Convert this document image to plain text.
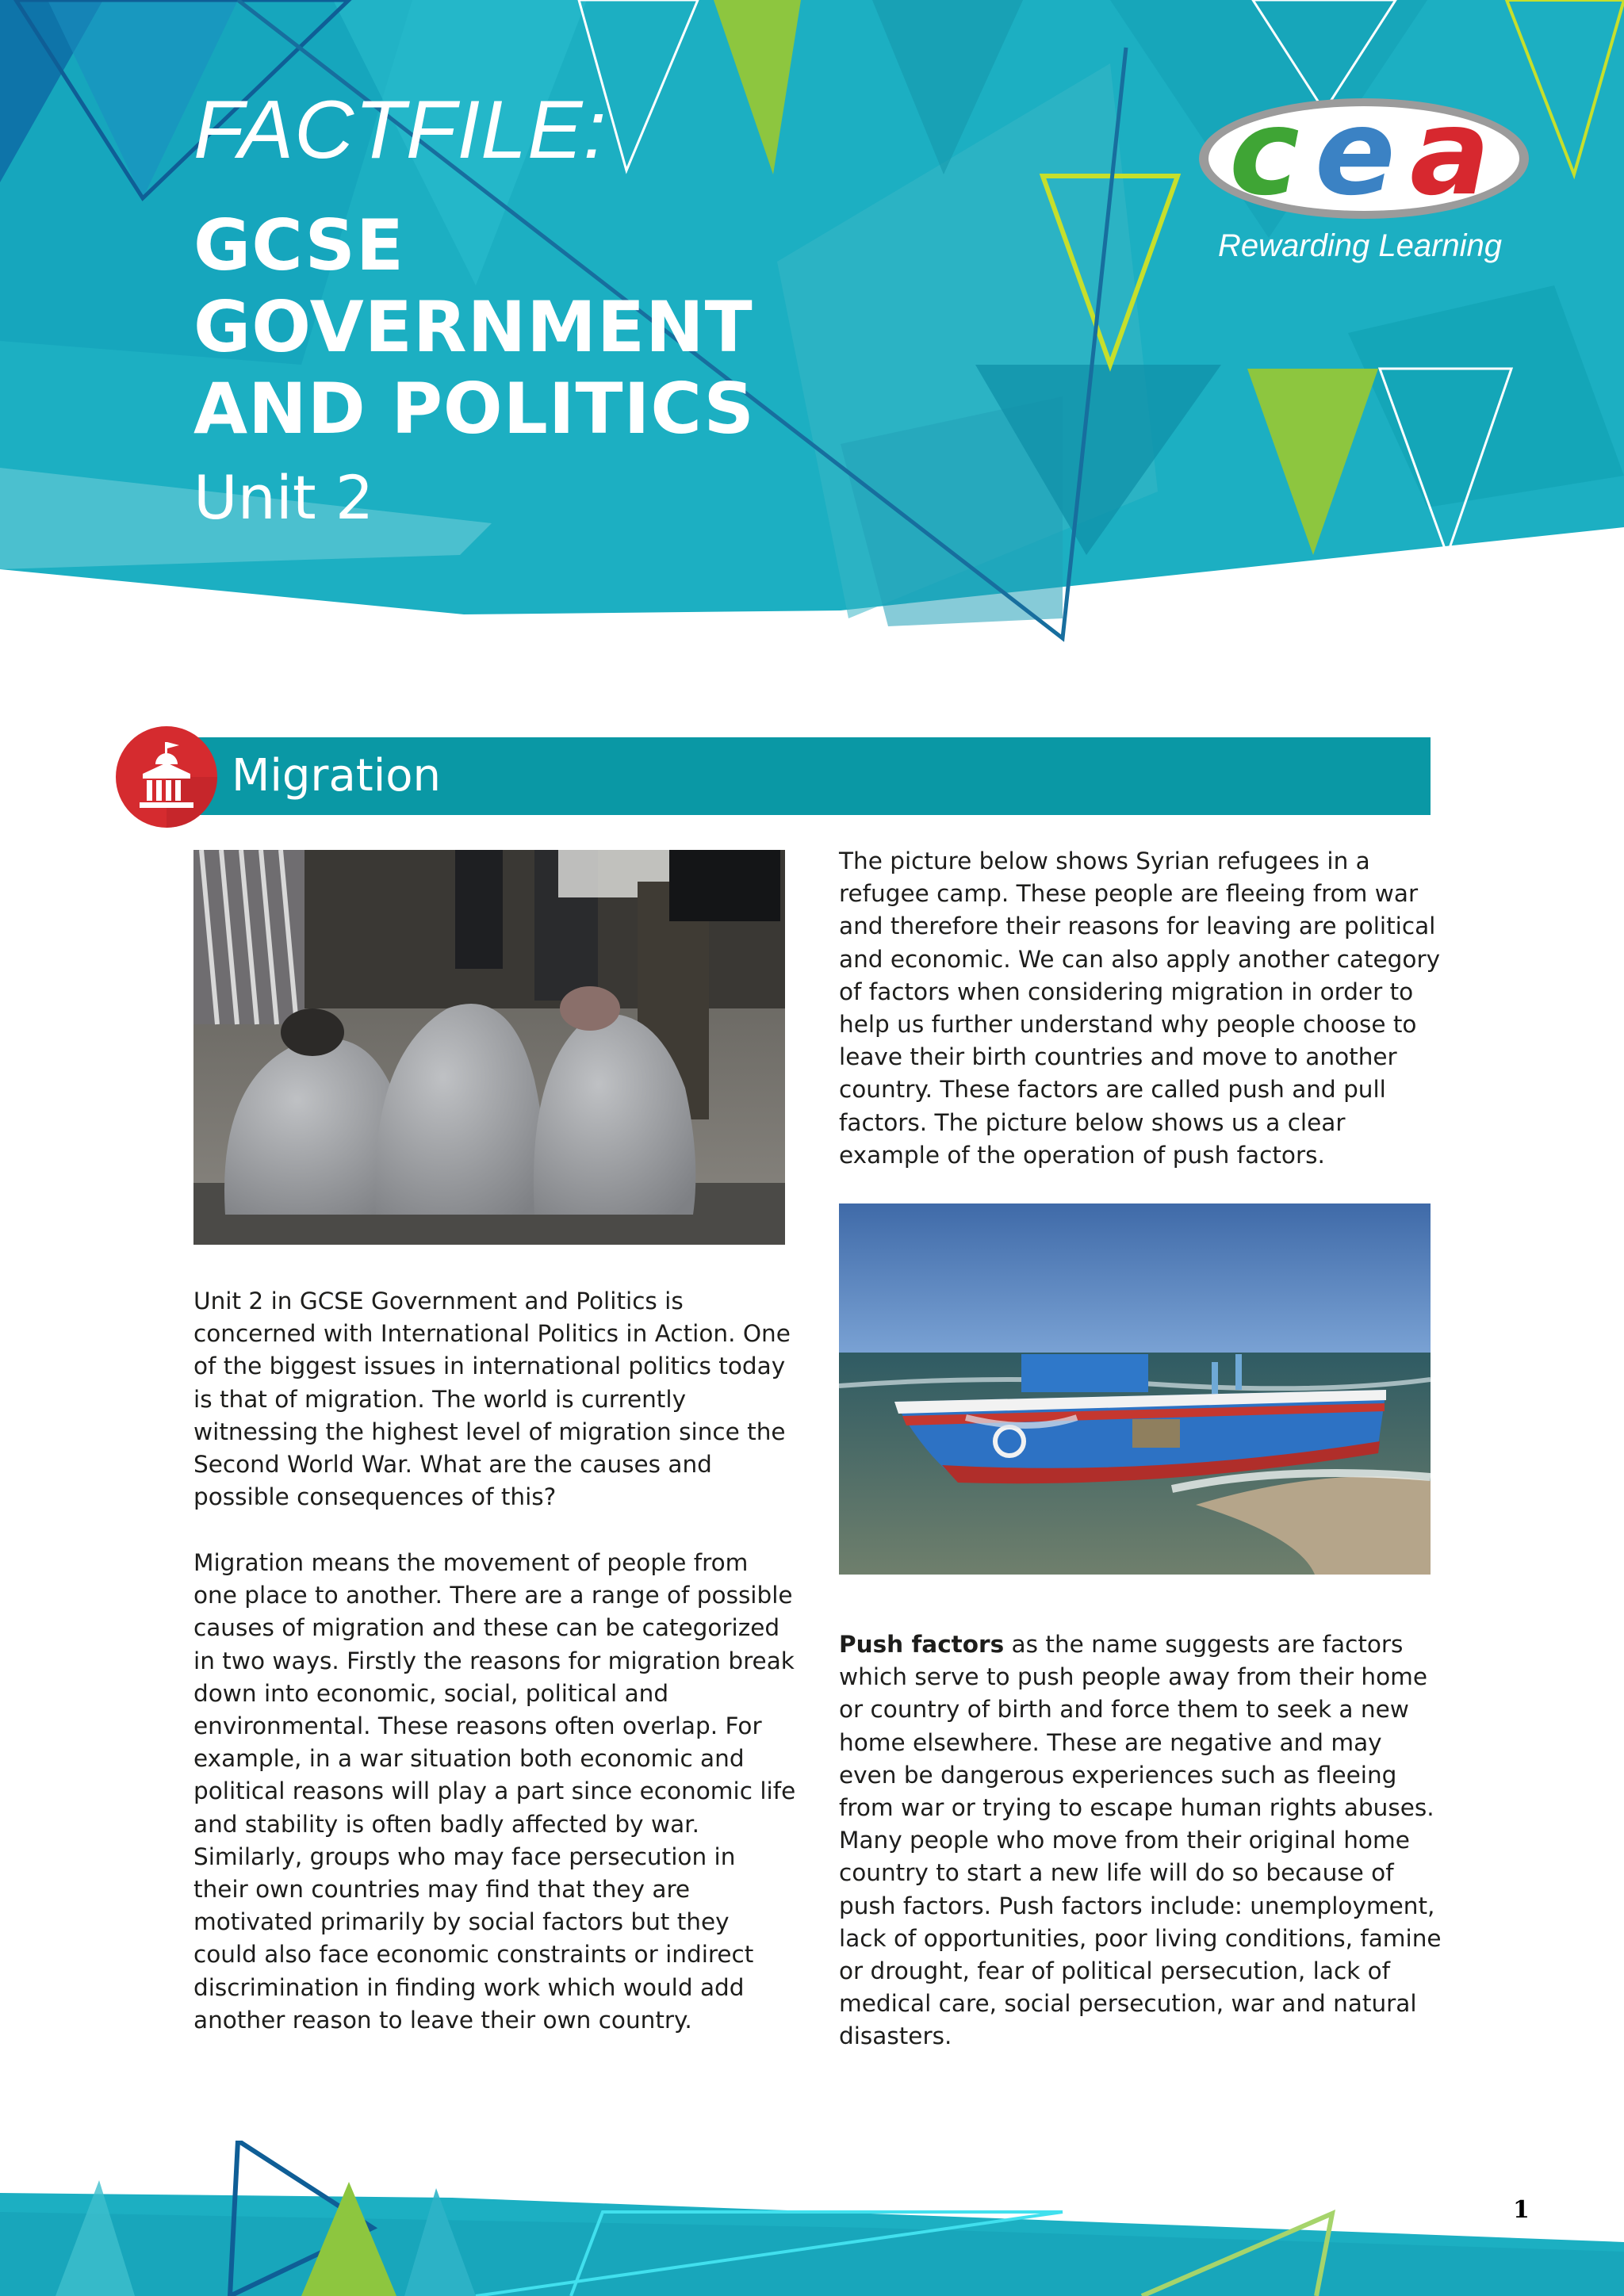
FACTFILE:
GCSE
GOVERNMENT
AND POLITICS
Unit 2
c e a
Rewarding Learning
Migration

The picture below shows Syrian refugees in a refugee camp. These people are fleeing from war and therefore their reasons for leaving are political and economic. We can also apply another category of factors when considering migration in order to help us further understand why people choose to leave their birth countries and move to another country. These factors are called push and pull factors. The picture below shows us a clear example of the operation of push factors.

Unit 2 in GCSE Government and Politics is concerned with International Politics in Action. One of the biggest issues in international politics today is that of migration. The world is currently witnessing the highest level of migration since the Second World War. What are the causes and possible consequences of this?

Migration means the movement of people from one place to another. There are a range of possible causes of migration and these can be categorized in two ways. Firstly the reasons for migration break down into economic, social, political and environmental. These reasons often overlap. For example, in a war situation both economic and political reasons will play a part since economic life and stability is often badly affected by war. Similarly, groups who may face persecution in their own countries may find that they are motivated primarily by social factors but they could also face economic constraints or indirect discrimination in finding work which would add another reason to leave their own country.

Push factors as the name suggests are factors which serve to push people away from their home or country of birth and force them to seek a new home elsewhere. These are negative and may even be dangerous experiences such as fleeing from war or trying to escape human rights abuses. Many people who move from their original home country to start a new life will do so because of push factors. Push factors include: unemployment, lack of opportunities, poor living conditions, famine or drought, fear of political persecution, lack of medical care, social persecution, war and natural disasters.

1
